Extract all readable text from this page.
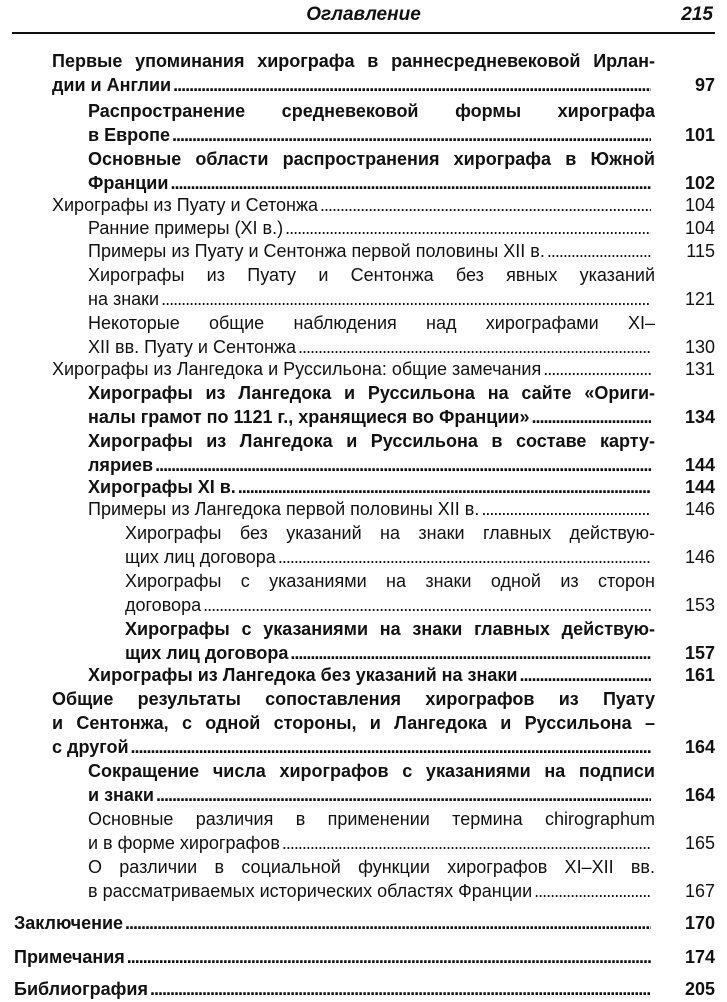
Оглавление	215
Первые упоминания хирографа в раннесредневековой Ирлан-
дии и Англии
. . .
Распространение средневековой формы хирографа
в Европе
. . .
Основные области распространения хирографа в Южной
Франции
. . .
Хирографы из Пуату и Сетонжа
. . .
Ранние примеры (XI в.)
. . .
Примеры из Пуату и Сентонжа первой половины XII в.
. . .
Хирографы из Пуату и Сентонжа без явных указаний
на знаки
. . .
Некоторые общие наблюдения над хирографами XI–
XII вв. Пуату и Сентонжа
. . .
Хирографы из Лангедока и Руссильона: общие замечания
. . .
Хирографы из Лангедока и Руссильона на сайте «Ориги-
налы грамот по 1121 г., хранящиеся во Франции»
. . .
Хирографы из Лангедока и Руссильона в составе карту-
ляриев
. . .
Хирографы XI в.
. . .
Примеры из Лангедока первой половины XII в.
. . .
Хирографы без указаний на знаки главных действую-
щих лиц договора
. . .
Хирографы с указаниями на знаки одной из сторон
договора
. . .
Хирографы с указаниями на знаки главных действую-
щих лиц договора
. . .
Хирографы из Лангедока без указаний на знаки
. . .
Общие результаты сопоставления хирографов из Пуату
и Сентонжа, с одной стороны, и Лангедока и Руссильона –
с другой
. . .
Сокращение числа хирографов с указаниями на подписи
и знаки
. . .
Основные различия в применении термина chirographum
и в форме хирографов
. . .
О различии в социальной функции хирографов XI–XII вв.
в рассматриваемых исторических областях Франции
. . .
Заключение
. . .
Примечания
. . .
Библиография
. . .
97
101
102
104
104
115
121
130
131
134
144
144
146
146
153
157
161
164
164
165
167
170
174
205
